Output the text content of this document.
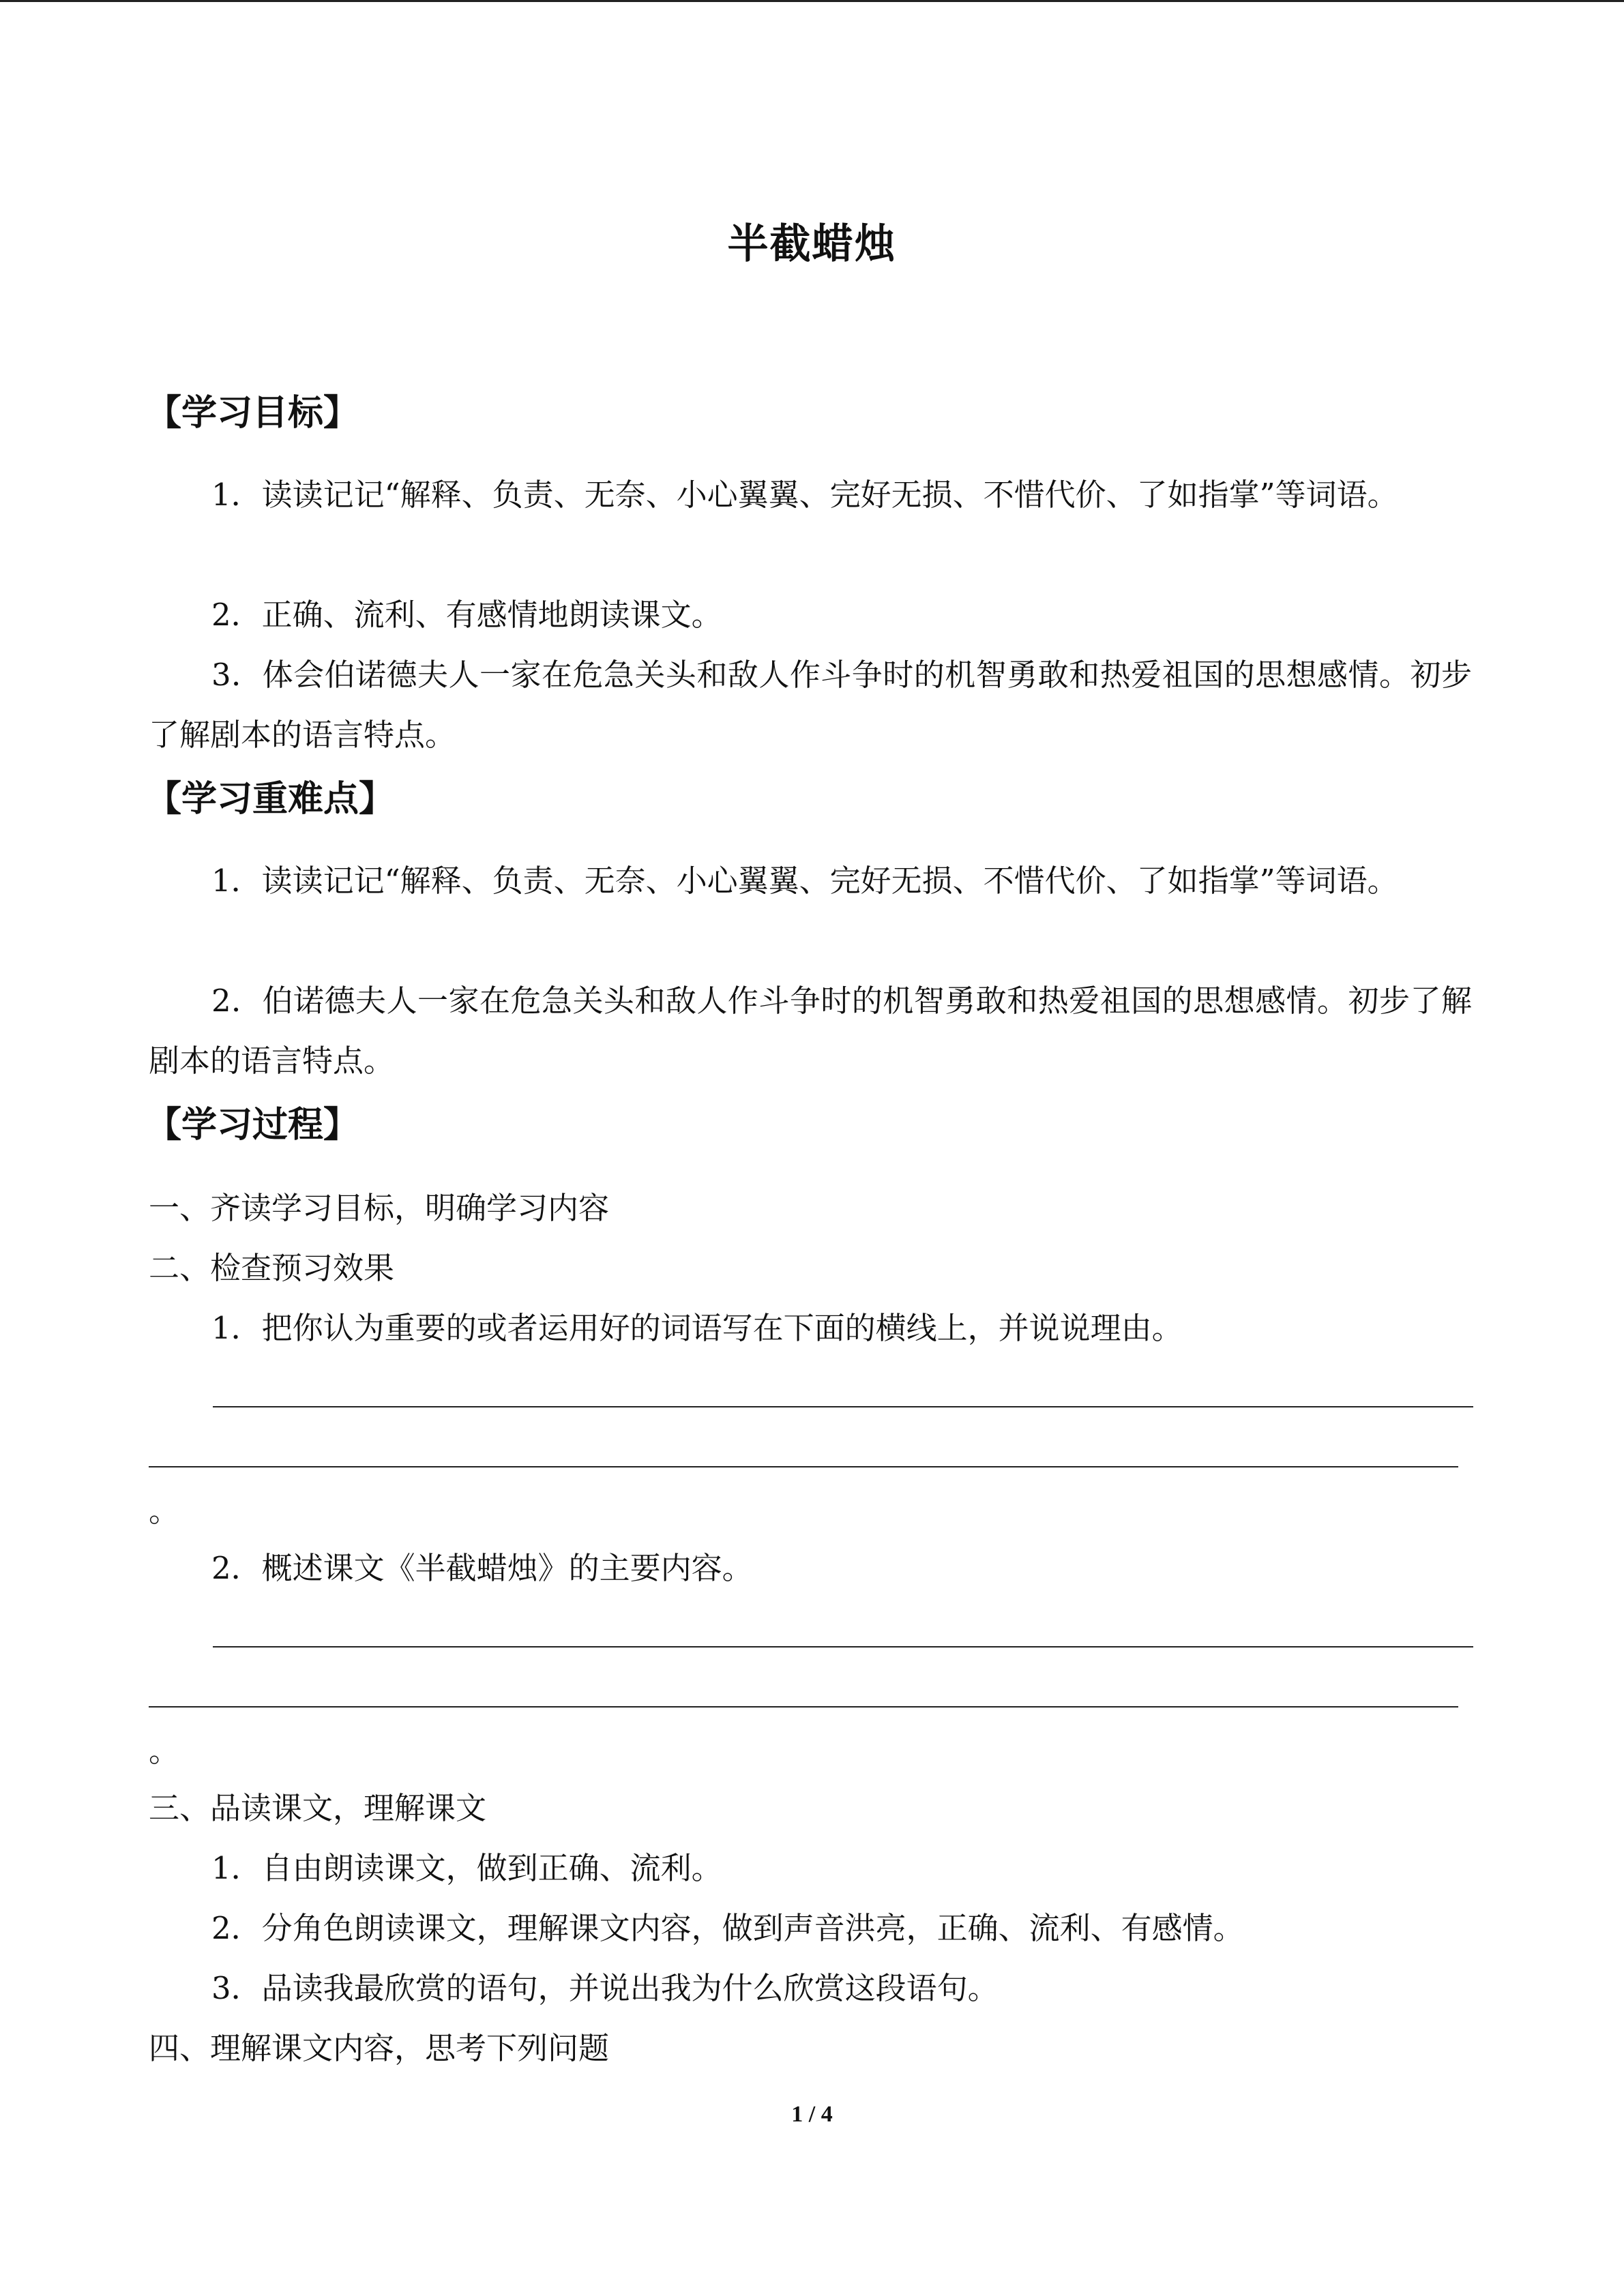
半截蜡烛
【学习目标】
1．读读记记“解释、负责、无奈、小心翼翼、完好无损、不惜代价、了如指掌”等词语。
2．正确、流利、有感情地朗读课文。
3．体会伯诺德夫人一家在危急关头和敌人作斗争时的机智勇敢和热爱祖国的思想感情。初步了解剧本的语言特点。
【学习重难点】
1．读读记记“解释、负责、无奈、小心翼翼、完好无损、不惜代价、了如指掌”等词语。
2．伯诺德夫人一家在危急关头和敌人作斗争时的机智勇敢和热爱祖国的思想感情。初步了解剧本的语言特点。
【学习过程】
一、齐读学习目标，明确学习内容
二、检查预习效果
1．把你认为重要的或者运用好的词语写在下面的横线上，并说说理由。
。
2．概述课文《半截蜡烛》的主要内容。
。
三、品读课文，理解课文
1．自由朗读课文，做到正确、流利。
2．分角色朗读课文，理解课文内容，做到声音洪亮，正确、流利、有感情。
3．品读我最欣赏的语句，并说出我为什么欣赏这段语句。
四、理解课文内容，思考下列问题
1 / 4
